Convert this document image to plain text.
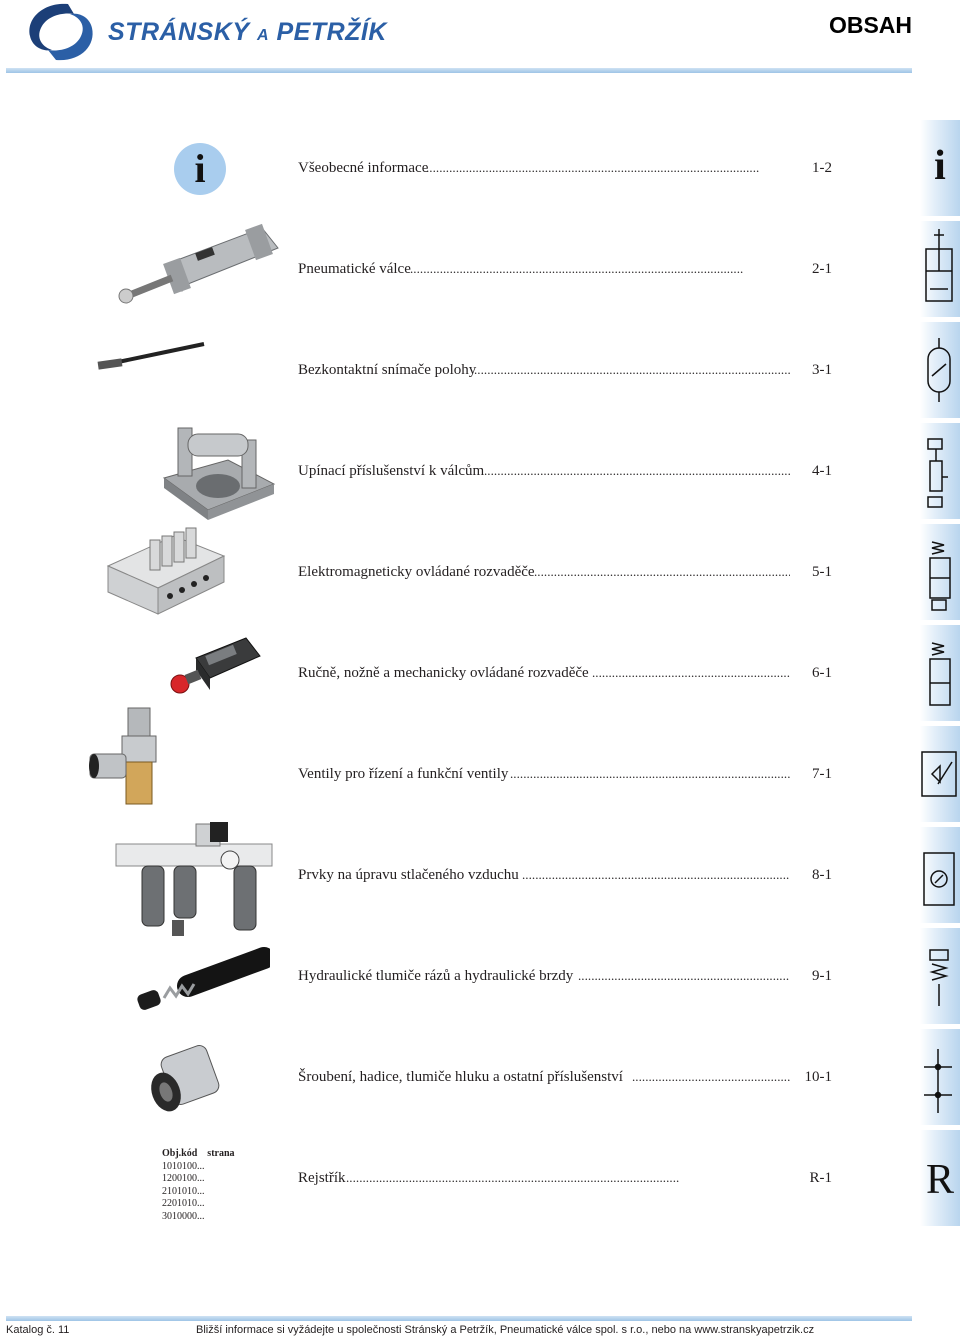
STRÁNSKÝ A PETRŽÍK	OBSAH
i	Všeobecné informace . . .	1-2
Pneumatické válce . . .	2-1
Bezkontaktní snímače polohy . . .	3-1
Upínací příslušenství k válcům . . .	4-1
Elektromagneticky ovládané rozvaděče . . .	5-1
Ručně, nožně a mechanicky ovládané rozvaděče . . .	6-1
Ventily pro řízení a funkční ventily . . .	7-1
Prvky na úpravu stlačeného vzduchu . . .	8-1
Hydraulické tlumiče rázů a hydraulické brzdy . . .	9-1
Šroubení, hadice, tlumiče hluku a ostatní příslušenství . . .	10-1
Rejstřík . . .	R-1
Obj.kód strana
1010100...
1200100...
2101010...
2201010...
3010000...
i
R
Katalog č. 11	Bližší informace si vyžádejte u společnosti Stránský a Petržík, Pneumatické válce spol. s r.o., nebo na www.stranskyapetrzik.cz
